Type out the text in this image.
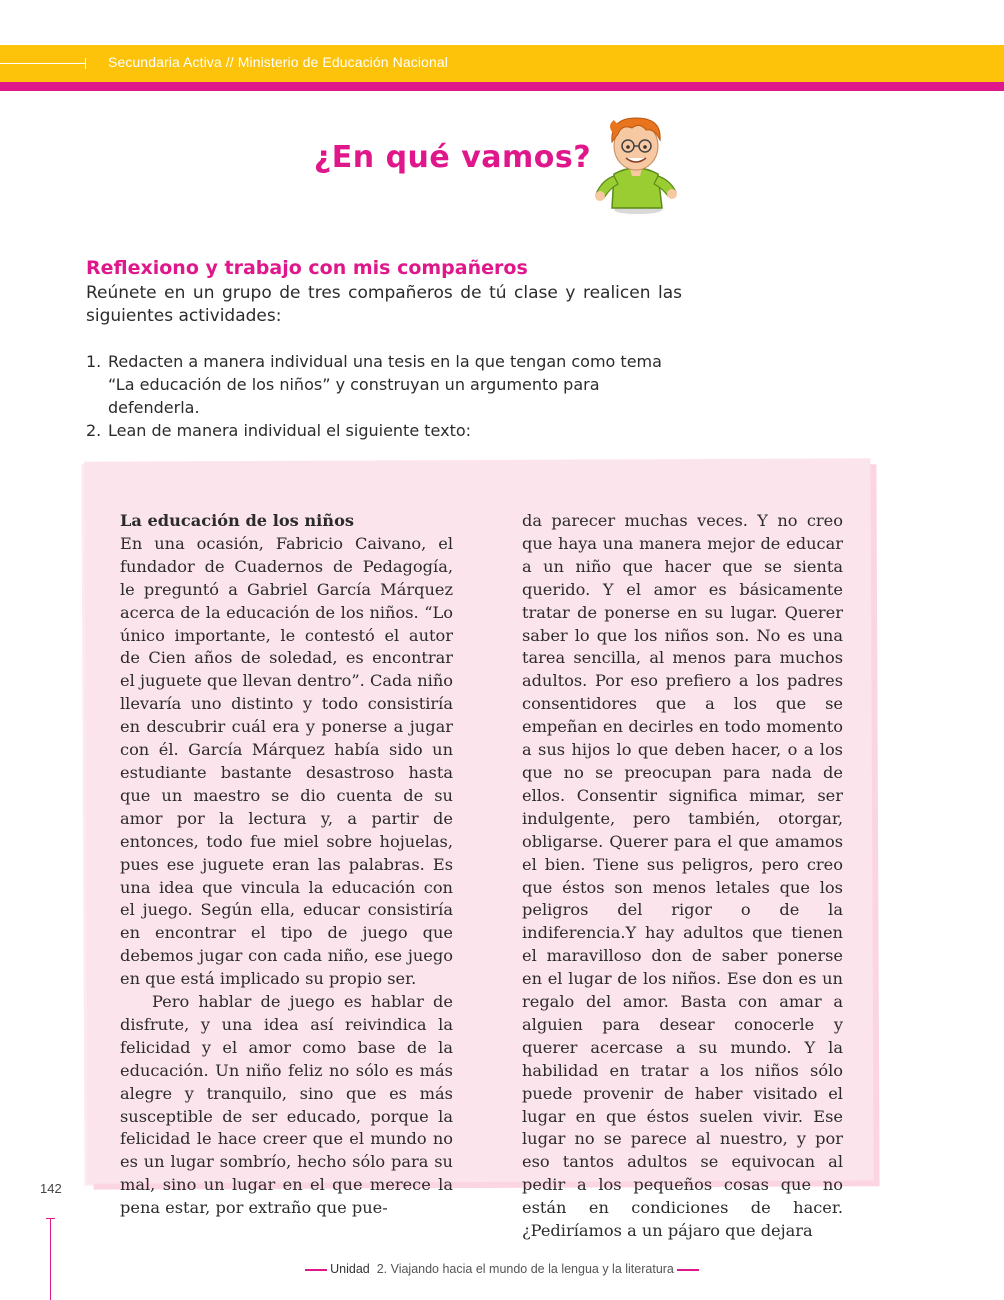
Secundaria Activa // Ministerio de Educación Nacional
¿En qué vamos?
Reflexiono y trabajo con mis compañeros

Reúnete en un grupo de tres compañeros de tú clase y realicen las siguientes actividades:

1. Redacten a manera individual una tesis en la que tengan como tema “La educación de los niños” y construyan un argumento para defenderla.
2. Lean de manera individual el siguiente texto:
La educación de los niños

En una ocasión, Fabricio Caivano, el fundador de Cuadernos de Pedagogía, le preguntó a Gabriel García Márquez acerca de la educación de los niños. “Lo único importante, le contestó el autor de Cien años de soledad, es encontrar el juguete que llevan dentro”. Cada niño llevaría uno distinto y todo consistiría en descubrir cuál era y ponerse a jugar con él. García Márquez había sido un estudiante bastante desastroso hasta que un maestro se dio cuenta de su amor por la lectura y, a partir de entonces, todo fue miel sobre hojuelas, pues ese juguete eran las palabras. Es una idea que vincula la educación con el juego. Según ella, educar consistiría en encontrar el tipo de juego que debemos jugar con cada niño, ese juego en que está implicado su propio ser.

Pero hablar de juego es hablar de disfrute, y una idea así reivindica la felicidad y el amor como base de la educación. Un niño feliz no sólo es más alegre y tranquilo, sino que es más susceptible de ser educado, porque la felicidad le hace creer que el mundo no es un lugar sombrío, hecho sólo para su mal, sino un lugar en el que merece la pena estar, por extraño que pue-

da parecer muchas veces. Y no creo que haya una manera mejor de educar a un niño que hacer que se sienta querido. Y el amor es básicamente tratar de ponerse en su lugar. Querer saber lo que los niños son. No es una tarea sencilla, al menos para muchos adultos. Por eso prefiero a los padres consentidores que a los que se empeñan en decirles en todo momento a sus hijos lo que deben hacer, o a los que no se preocupan para nada de ellos. Consentir significa mimar, ser indulgente, pero también, otorgar, obligarse. Querer para el que amamos el bien. Tiene sus peligros, pero creo que éstos son menos letales que los peligros del rigor o de la indiferencia.Y hay adultos que tienen el maravilloso don de saber ponerse en el lugar de los niños. Ese don es un regalo del amor. Basta con amar a alguien para desear conocerle y querer acercase a su mundo. Y la habilidad en tratar a los niños sólo puede provenir de haber visitado el lugar en que éstos suelen vivir. Ese lugar no se parece al nuestro, y por eso tantos adultos se equivocan al pedir a los pequeños cosas que no están en condiciones de hacer. ¿Pediríamos a un pájaro que dejara

142
Unidad 2. Viajando hacia el mundo de la lengua y la literatura
